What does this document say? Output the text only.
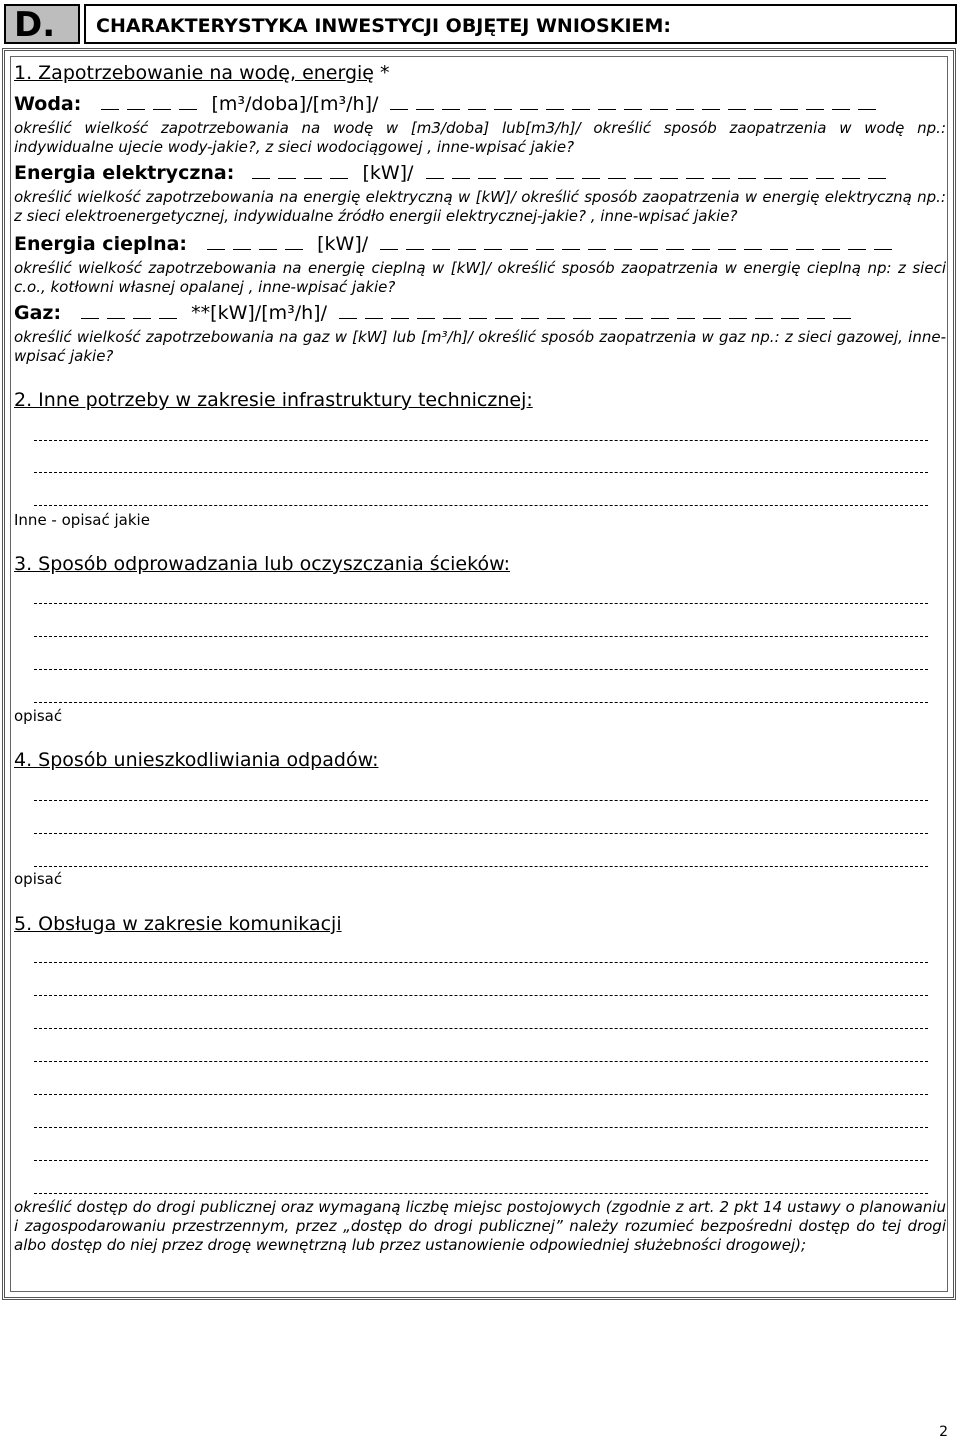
D.	CHARAKTERYSTYKA INWESTYCJI OBJĘTEJ WNIOSKIEM:
1. Zapotrzebowanie na wodę, energię *
Woda:	[m³/doba]/[m³/h]/
określić wielkość zapotrzebowania na wodę w [m3/doba] lub[m3/h]/ określić sposób zaopatrzenia w wodę np.: indywidualne ujecie wody-jakie?, z sieci wodociągowej , inne-wpisać jakie?
Energia elektryczna:	[kW]/
określić wielkość zapotrzebowania na energię elektryczną w [kW]/ określić sposób zaopatrzenia w energię elektryczną np.: z sieci elektroenergetycznej, indywidualne źródło energii elektrycznej-jakie? , inne-wpisać jakie?
Energia cieplna:	[kW]/
określić wielkość zapotrzebowania na energię cieplną w [kW]/ określić sposób zaopatrzenia w energię cieplną np: z sieci c.o., kotłowni własnej opalanej , inne-wpisać jakie?
Gaz:	**[kW]/[m³/h]/
określić wielkość zapotrzebowania na gaz w [kW] lub [m³/h]/ określić sposób zaopatrzenia w gaz np.: z sieci gazowej, inne-wpisać jakie?
2. Inne potrzeby w zakresie infrastruktury technicznej:
Inne - opisać jakie
3. Sposób odprowadzania lub oczyszczania ścieków:
opisać
4. Sposób unieszkodliwiania odpadów:
opisać
5. Obsługa w zakresie komunikacji
określić dostęp do drogi publicznej oraz wymaganą liczbę miejsc postojowych (zgodnie z art. 2 pkt 14 ustawy o planowaniu i zagospodarowaniu przestrzennym, przez „dostęp do drogi publicznej” należy rozumieć bezpośredni dostęp do tej drogi albo dostęp do niej przez drogę wewnętrzną lub przez ustanowienie odpowiedniej służebności drogowej);
2
